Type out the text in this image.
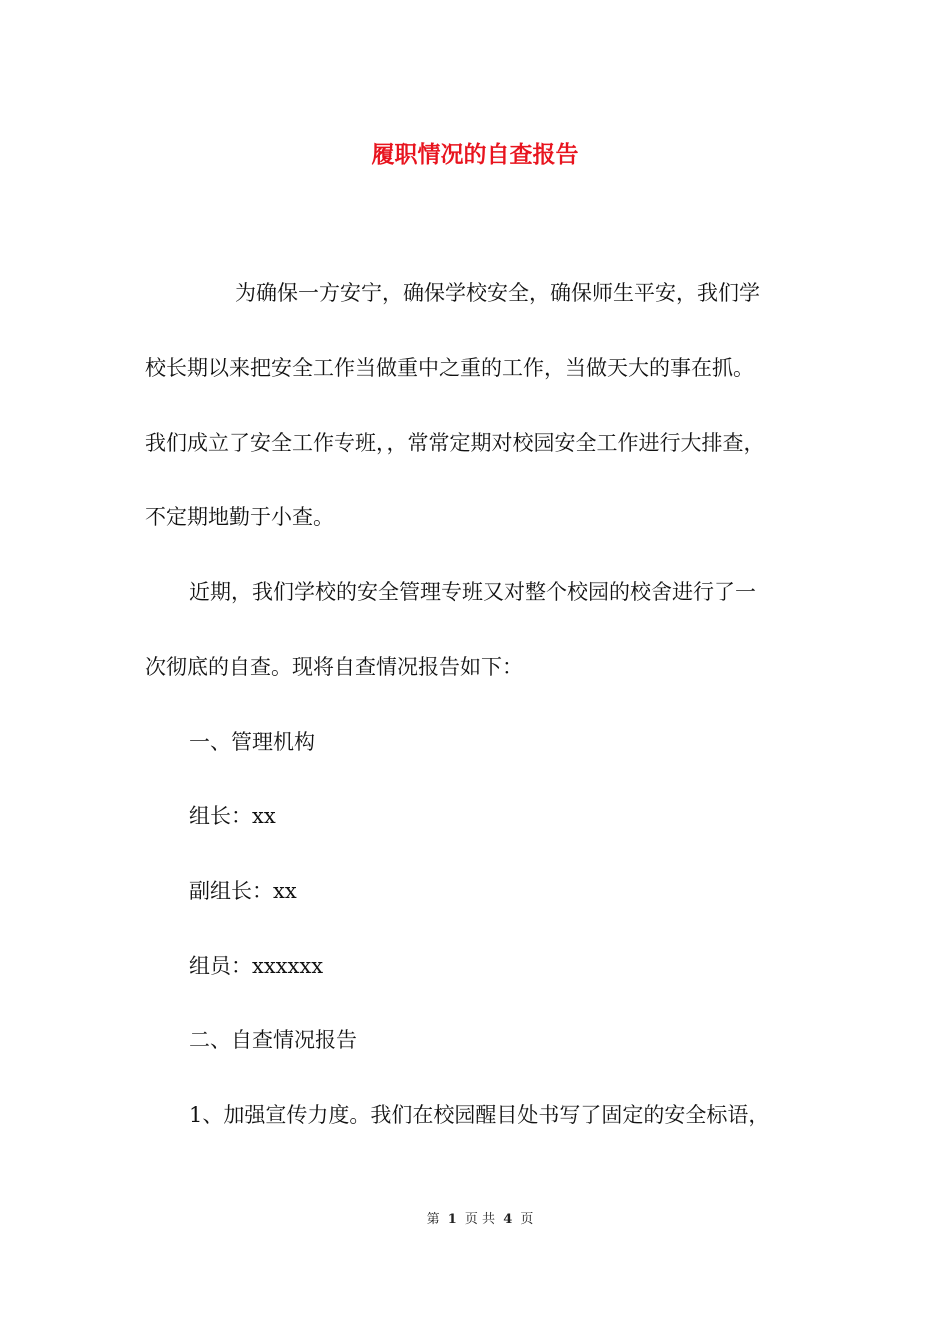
履职情况的自查报告
为确保一方安宁，确保学校安全，确保师生平安，我们学
校长期以来把安全工作当做重中之重的工作，当做天大的事在抓。
我们成立了安全工作专班，，常常定期对校园安全工作进行大排查，
不定期地勤于小查。
近期，我们学校的安全管理专班又对整个校园的校舍进行了一
次彻底的自查。现将自查情况报告如下：
一、管理机构
组长：xx
副组长：xx
组员：xxxxxx
二、自查情况报告
1、加强宣传力度。我们在校园醒目处书写了固定的安全标语，
第 1 页 共 4 页
